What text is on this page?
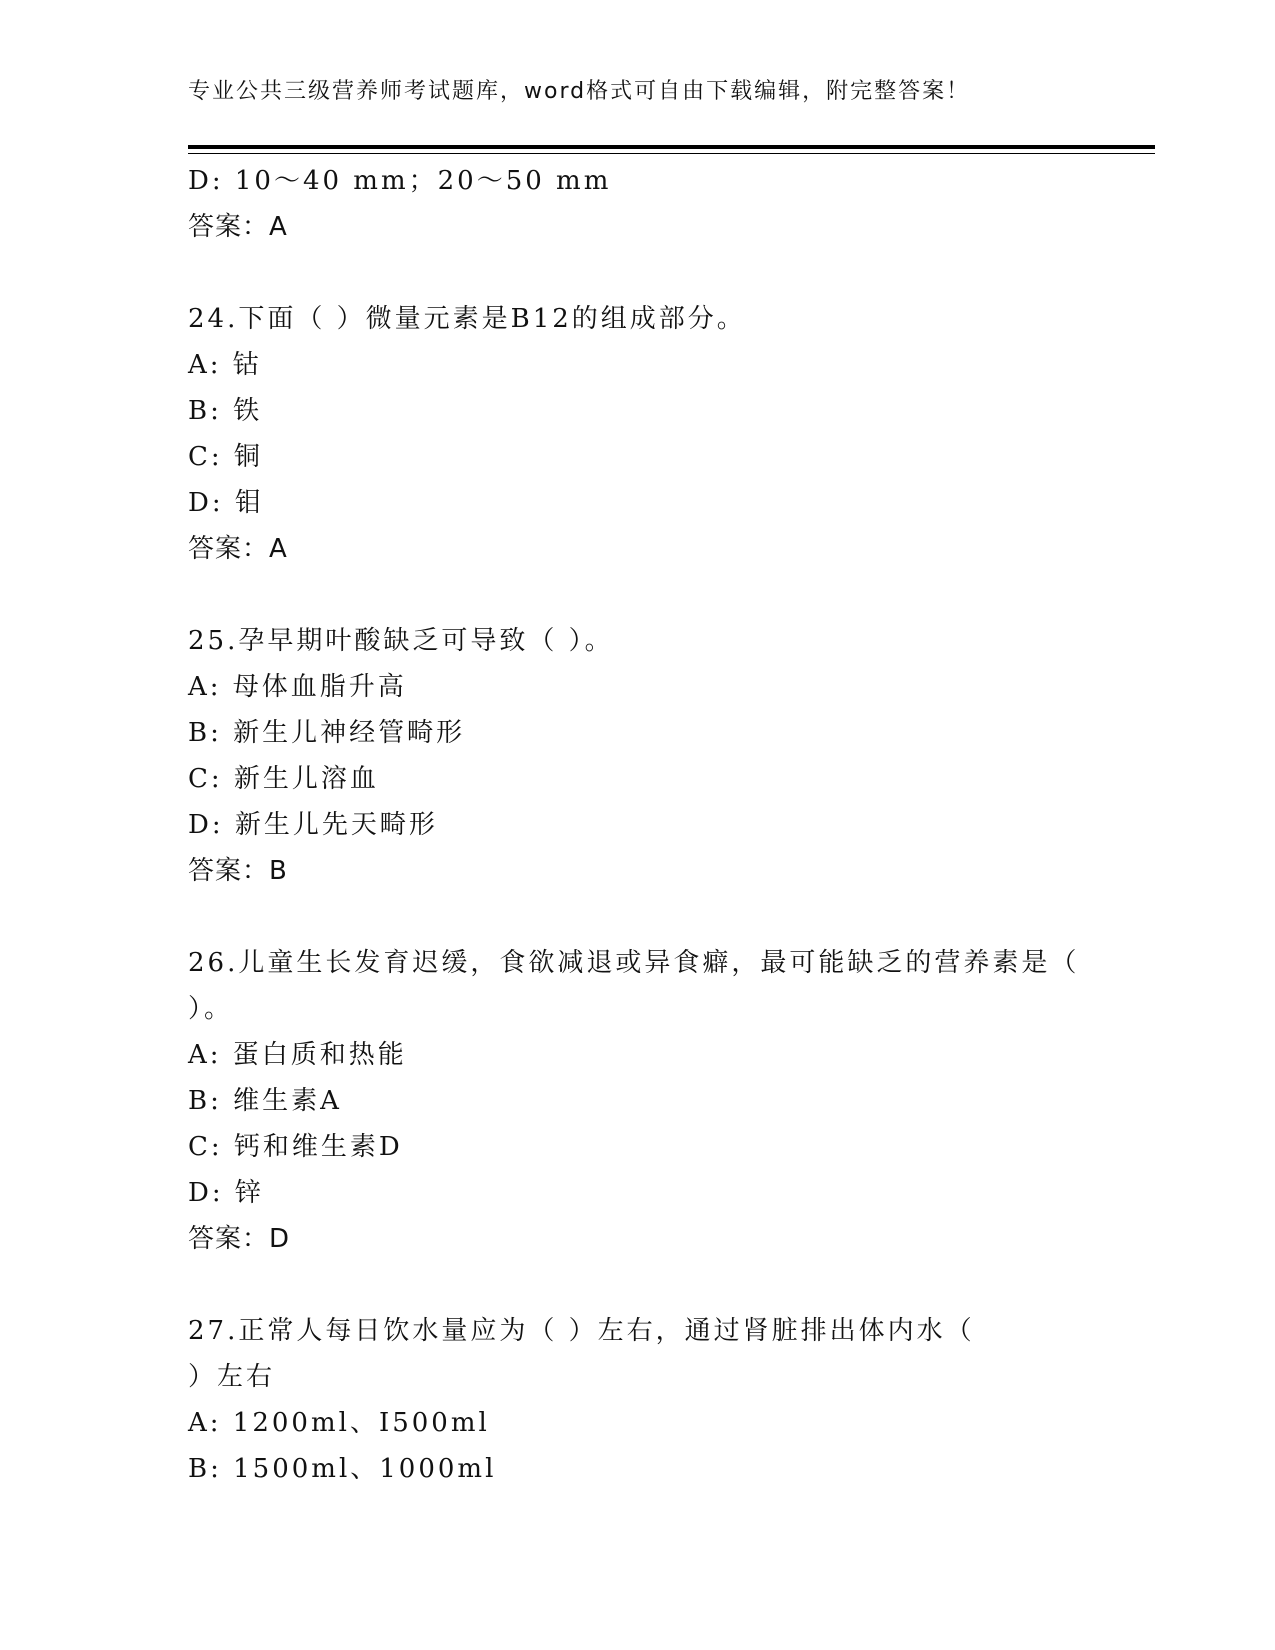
专业公共三级营养师考试题库，word格式可自由下载编辑，附完整答案！
D: 10～40 mm；20～50 mm
答案：A
24.下面（ ）微量元素是B12的组成部分。
A: 钴
B: 铁
C: 铜
D: 钼
答案：A
25.孕早期叶酸缺乏可导致（ ）。
A: 母体血脂升高
B: 新生儿神经管畸形
C: 新生儿溶血
D: 新生儿先天畸形
答案：B
26.儿童生长发育迟缓，食欲减退或异食癖，最可能缺乏的营养素是（
）。
A: 蛋白质和热能
B: 维生素A
C: 钙和维生素D
D: 锌
答案：D
27.正常人每日饮水量应为（ ）左右，通过肾脏排出体内水（
）左右
A: 1200ml、I500ml
B: 1500ml、1000ml
